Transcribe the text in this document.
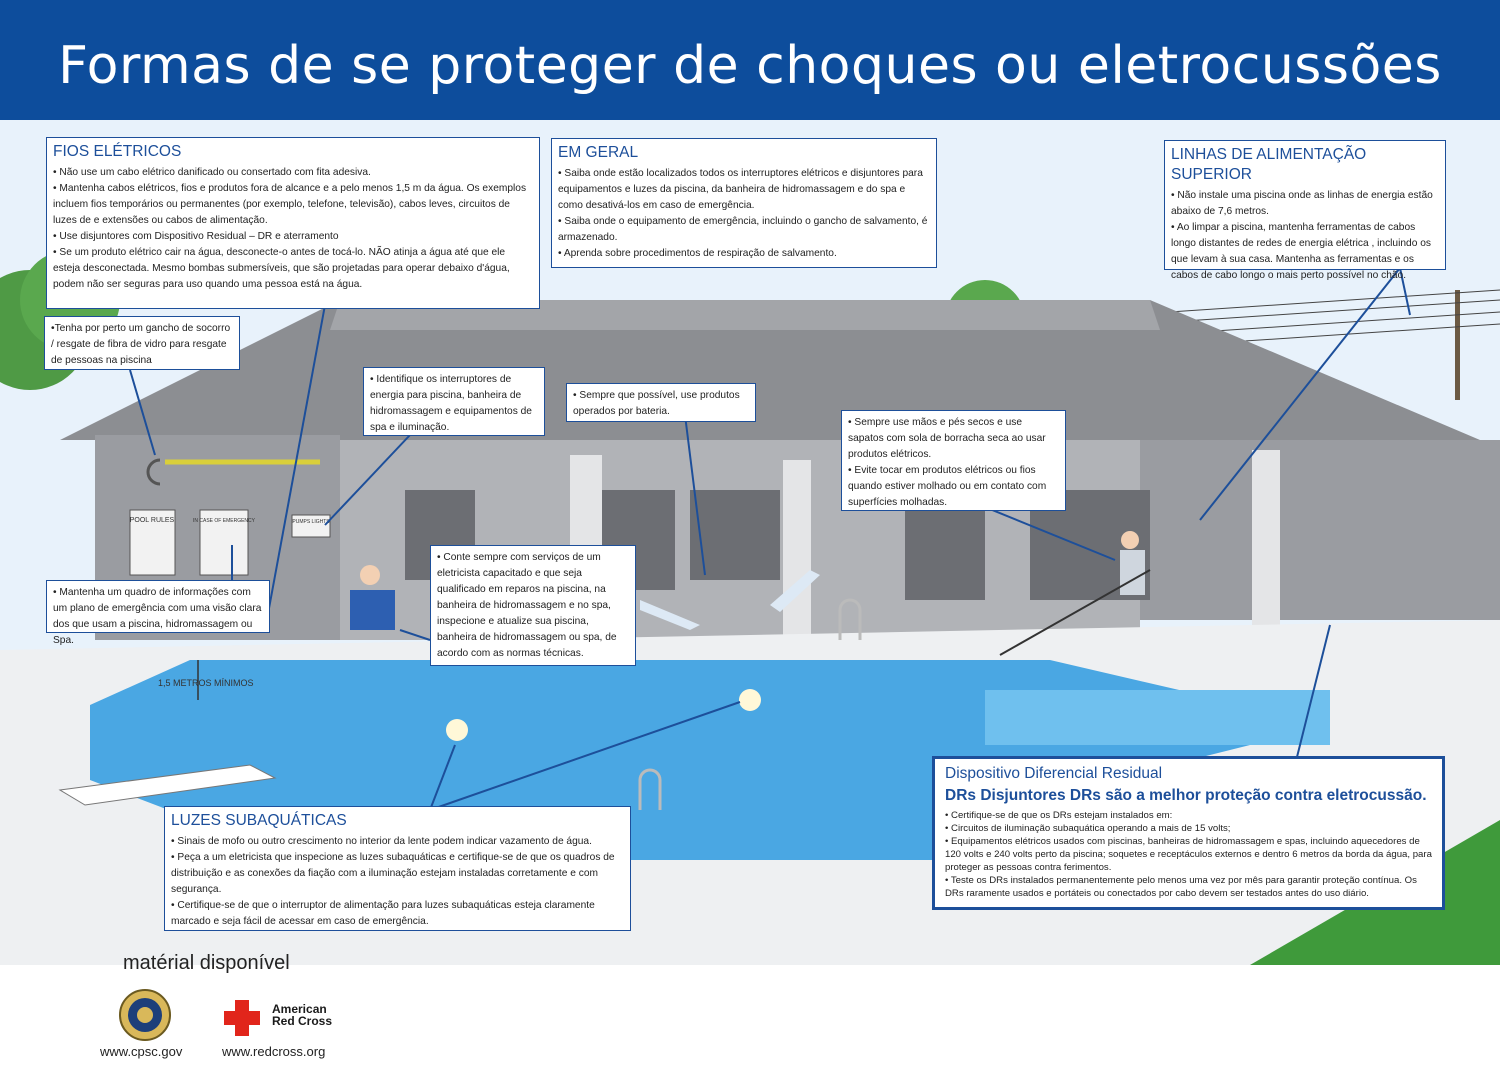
Formas de se proteger de choques ou eletrocussões
POOL RULES	IN CASE OF EMERGENCY	PUMPS LIGHTS
1,5 METROS MÍNIMOS
FIOS ELÉTRICOS

• Não use um cabo elétrico danificado ou consertado com fita adesiva.

• Mantenha cabos elétricos, fios e produtos fora de alcance e a pelo menos 1,5 m da água. Os exemplos incluem fios temporários ou permanentes (por exemplo, telefone, televisão), cabos leves, circuitos de luzes de e extensões ou cabos de alimentação.

• Use disjuntores com Dispositivo Residual – DR e aterramento

• Se um produto elétrico cair na água, desconecte-o antes de tocá-lo. NÃO atinja a água até que ele esteja desconectada. Mesmo bombas submersíveis, que são projetadas para operar debaixo d'água, podem não ser seguras para uso quando uma pessoa está na água.

EM GERAL

• Saiba onde estão localizados todos os interruptores elétricos e disjuntores para equipamentos e luzes da piscina, da banheira de hidromassagem e do spa e como desativá-los em caso de emergência.

• Saiba onde o equipamento de emergência, incluindo o gancho de salvamento, é armazenado.

• Aprenda sobre procedimentos de respiração de salvamento.

LINHAS DE ALIMENTAÇÃO SUPERIOR

• Não instale uma piscina onde as linhas de energia estão abaixo de 7,6 metros.

• Ao limpar a piscina, mantenha ferramentas de cabos longo distantes de redes de energia elétrica , incluindo os que levam à sua casa. Mantenha as ferramentas e os cabos de cabo longo o mais perto possível no chão.

•Tenha por perto um gancho de socorro / resgate de fibra de vidro para resgate de pessoas na piscina

• Identifique os interruptores de energia para piscina, banheira de hidromassagem e equipamentos de spa e iluminação.

• Sempre que possível, use produtos operados por bateria.

• Sempre use mãos e pés secos e use sapatos com sola de borracha seca ao usar produtos elétricos.

• Evite tocar em produtos elétricos ou fios quando estiver molhado ou em contato com superfícies molhadas.

• Mantenha um quadro de informações com um plano de emergência com uma visão clara dos que usam a piscina, hidromassagem ou Spa.

• Conte sempre com serviços de um eletricista capacitado e que seja qualificado em reparos na piscina, na banheira de hidromassagem e no spa, inspecione e atualize sua piscina, banheira de hidromassagem ou spa, de acordo com as normas técnicas.

LUZES SUBAQUÁTICAS

• Sinais de mofo ou outro crescimento no interior da lente podem indicar vazamento de água.

• Peça a um eletricista que inspecione as luzes subaquáticas e certifique-se de que os quadros de distribuição e as conexões da fiação com a iluminação estejam instaladas corretamente e com segurança.

• Certifique-se de que o interruptor de alimentação para luzes subaquáticas esteja claramente marcado e seja fácil de acessar em caso de emergência.

Dispositivo Diferencial Residual
DRs Disjuntores DRs são a melhor proteção contra eletrocussão.

• Certifique-se de que os DRs estejam instalados em:

• Circuitos de iluminação subaquática operando a mais de 15 volts;

• Equipamentos elétricos usados com piscinas, banheiras de hidromassagem e spas, incluindo aquecedores de 120 volts e 240 volts perto da piscina; soquetes e receptáculos externos e dentro 6 metros da borda da água, para proteger as pessoas contra ferimentos.

• Teste os DRs instalados permanentemente pelo menos uma vez por mês para garantir proteção contínua. Os DRs raramente usados e portáteis ou conectados por cabo devem ser testados antes do uso diário.

matérial disponível
www.cpsc.gov
American
Red Cross
www.redcross.org
